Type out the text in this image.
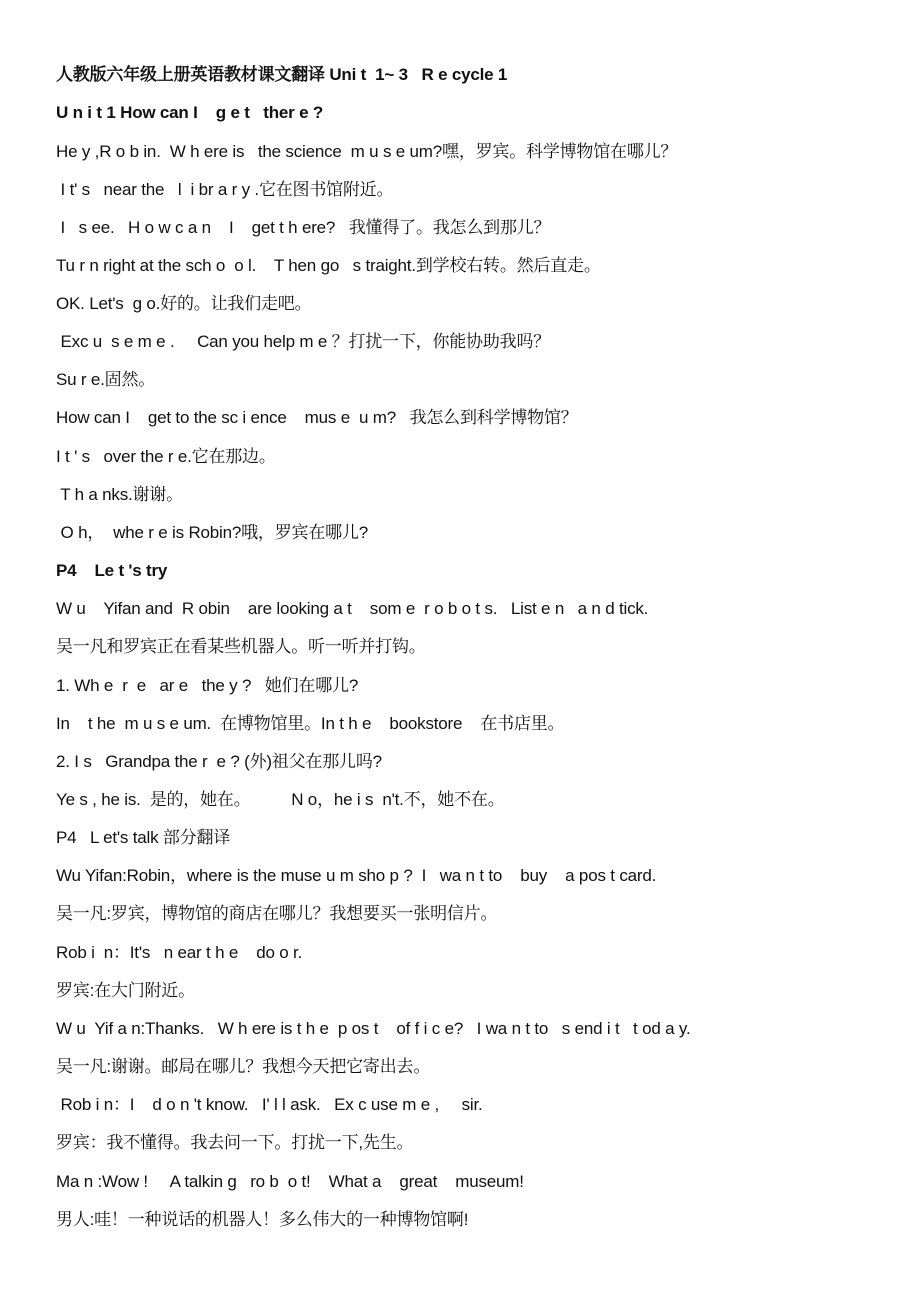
人教版六年级上册英语教材课文翻译 Uni t  1~ 3   R e cycle 1
U n i t 1 How can I    g e t   ther e ?
He y ,R o b in.  W h ere is   the science  m u s e um?嘿，罗宾。科学博物馆在哪儿？
I t' s   near the   l  i br a r y .它在图书馆附近。
I   s ee.   H o w c a n    I    get t h ere?   我懂得了。我怎么到那儿？
Tu r n right at the sch o  o l.    T hen go   s traight.到学校右转。然后直走。
OK. Let's  g o.好的。让我们走吧。
Exc u  s e m e .     Can you help m e ？打扰一下，你能协助我吗？
Su r e.固然。
How can I    get to the sc i ence    mus e  u m?   我怎么到科学博物馆？
I t ' s   over the r e.它在那边。
T h a nks.谢谢。
O h，  whe r e is Robin?哦，罗宾在哪儿?
P4    Le t 's try
W u    Yifan and  R obin    are looking a t    som e  r o b o t s.   List e n   a n d tick.
吴一凡和罗宾正在看某些机器人。听一听并打钩。
1. Wh e  r  e   ar e   the y ?   她们在哪儿?
In    t he  m u s e um.  在博物馆里。In t h e    bookstore    在书店里。
2. I s   Grandpa the r  e ? (外)祖父在那儿吗?
Ye s , he is.  是的，她在。         N o，he i s  n't.不，她不在。
P4   L et's talk 部分翻译
Wu Yifan:Robin，where is the muse u m sho p ?  I   wa n t to    buy    a pos t card.
吴一凡:罗宾，博物馆的商店在哪儿？我想要买一张明信片。
Rob i  n：It's   n ear t h e    do o r.
罗宾:在大门附近。
W u  Yif a n:Thanks.   W h ere is t h e  p os t    of f i c e?   I wa n t to   s end i t   t od a y.
吴一凡:谢谢。邮局在哪儿？我想今天把它寄出去。
Rob i n：I    d o n 't know.   I' l l ask.   Ex c use m e ,     sir.
罗宾：我不懂得。我去问一下。打扰一下,先生。
Ma n :Wow !     A talkin g   ro b  o t!    What a    great    museum!
男人:哇！一种说话的机器人！多么伟大的一种博物馆啊!
